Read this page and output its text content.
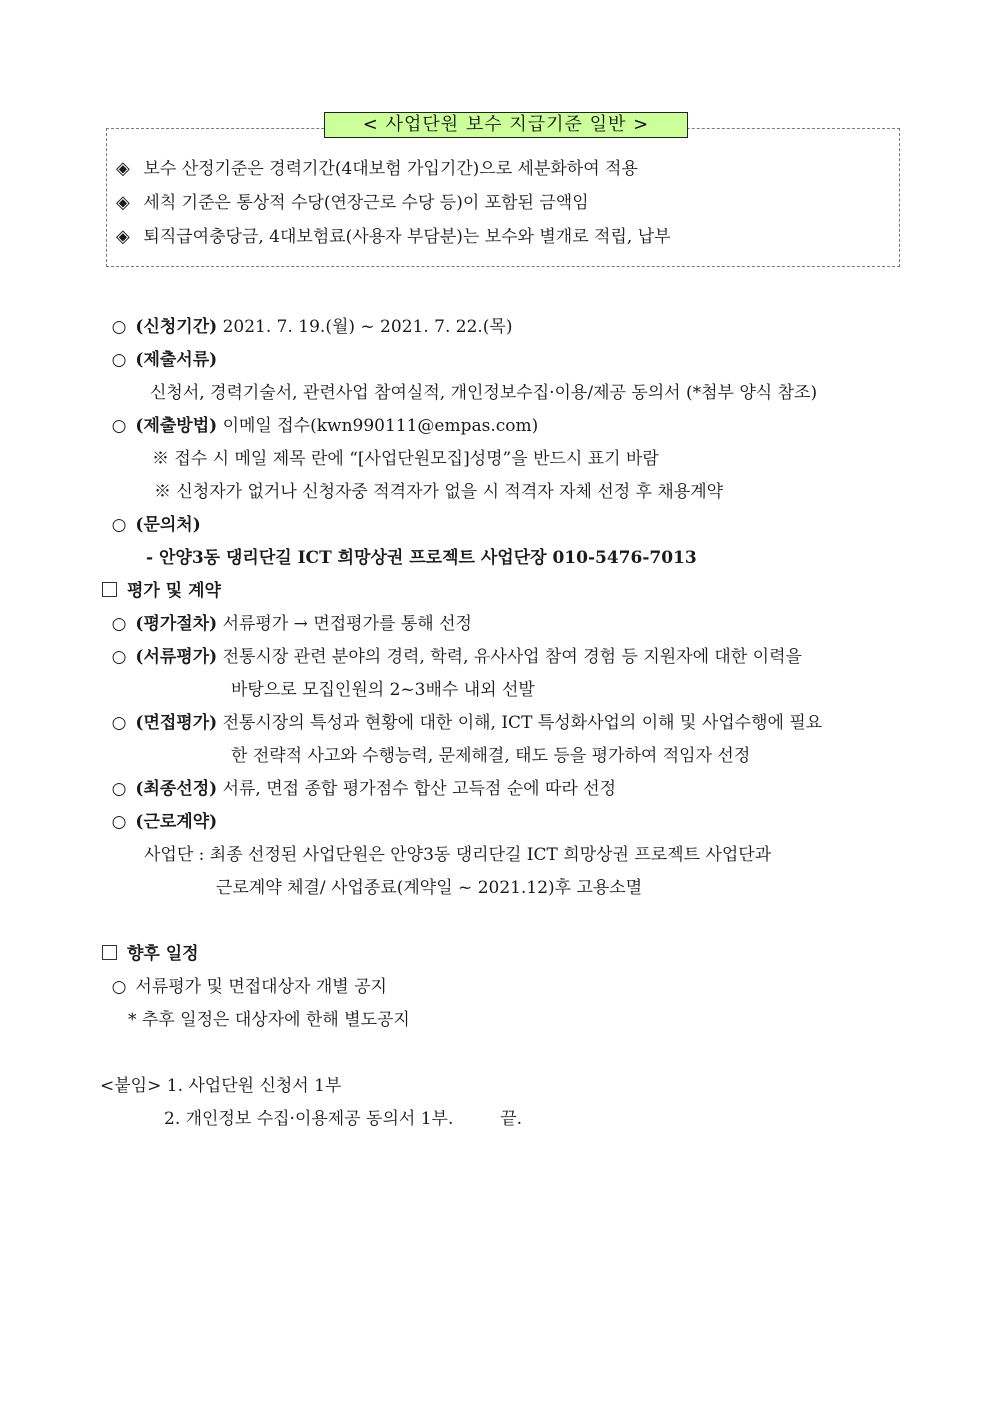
< 사업단원 보수 지급기준 일반 >
◈ 보수 산정기준은 경력기간(4대보험 가입기간)으로 세분화하여 적용
◈ 세칙 기준은 통상적 수당(연장근로 수당 등)이 포함된 금액임
◈ 퇴직급여충당금, 4대보험료(사용자 부담분)는 보수와 별개로 적립, 납부
○ (신청기간) 2021. 7. 19.(월) ~ 2021. 7. 22.(목)
○ (제출서류)
신청서, 경력기술서, 관련사업 참여실적, 개인정보수집·이용/제공 동의서 (*첨부 양식 참조)
○ (제출방법) 이메일 접수(kwn990111@empas.com)
※ 접수 시 메일 제목 란에 “[사업단원모집]성명”을 반드시 표기 바람
※ 신청자가 없거나 신청자중 적격자가 없을 시 적격자 자체 선정 후 채용계약
○ (문의처)
- 안양3동 댕리단길 ICT 희망상권 프로젝트 사업단장 010-5476-7013
평가 및 계약
○ (평가절차) 서류평가 → 면접평가를 통해 선정
○ (서류평가) 전통시장 관련 분야의 경력, 학력, 유사사업 참여 경험 등 지원자에 대한 이력을
바탕으로 모집인원의 2~3배수 내외 선발
○ (면접평가) 전통시장의 특성과 현황에 대한 이해, ICT 특성화사업의 이해 및 사업수행에 필요
한 전략적 사고와 수행능력, 문제해결, 태도 등을 평가하여 적임자 선정
○ (최종선정) 서류, 면접 종합 평가점수 합산 고득점 순에 따라 선정
○ (근로계약)
사업단 : 최종 선정된 사업단원은 안양3동 댕리단길 ICT 희망상권 프로젝트 사업단과
근로계약 체결/ 사업종료(계약일 ~ 2021.12)후 고용소멸
향후 일정
○ 서류평가 및 면접대상자 개별 공지
* 추후 일정은 대상자에 한해 별도공지
<붙임> 1. 사업단원 신청서 1부
2. 개인정보 수집·이용제공 동의서 1부.	끝.
